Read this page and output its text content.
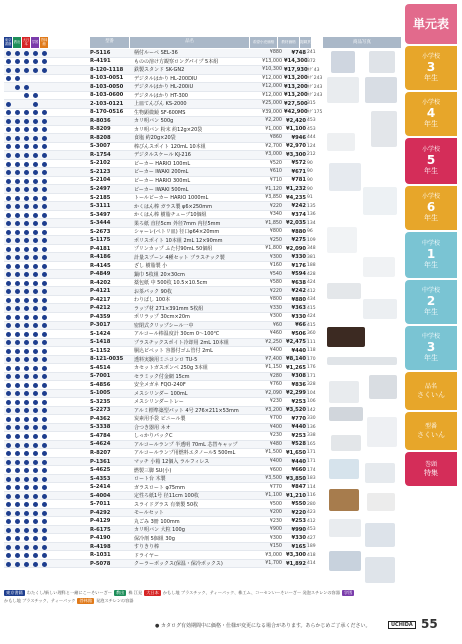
東京書籍 教出 大日本	学図 啓林館	型番	品名	希望小売価格	教材価格	掲載頁
P-5116	柄付ルーペ SEL-36	¥880	¥748 241
R-4191	ものの溶け方観察ロングパイプ 5本組	¥13,000 ¥14,300 372
8-120-1118	鉄製スタンド SK-GN2	¥10,300 ¥17,930 ﾀｸﾞ43
8-103-0051	デジタルはかり HL-200DIU	¥12,000 ¥13,200 ﾀｸﾞ243
8-103-0050	デジタルはかり HL-200iU	¥12,000 ¥13,200 ﾀｸﾞ243
8-103-0600	デジタルはかり HT-300	¥12,000 ¥13,200 ﾀｸﾞ243
2-103-0121	上皿てんびん KS-2000	¥25,000 ¥27,500 315
8-170-0516	生物顕微鏡 SF-600MS	¥39,000 ¥42,900 ﾀｸﾞ175
R-8036	カリ明バン 500g	¥2,200 ¥2,420 453
R-8209	カリ明バン 粉末 約12g×20袋	¥1,000 ¥1,100 453
R-8208	食塩 約20g×20袋	¥860	¥946 444
S-3007	棒びんスポイト 120mL 10本組	¥2,700 ¥2,970 124
R-1754	デジタルスケール KJ-216	¥3,000 ¥3,300 212
S-2102	ビーカー HARIO 100mL	¥520	¥572 90
S-2123	ビーカー IWAKI 200mL	¥610	¥671 90
S-2104	ビーカー HARIO 300mL	¥710	¥781 90
S-2497	ビーカー IWAKI 500mL	¥1,120 ¥1,232 90
S-2185	トールビーカー HARIO 1000mL	¥3,850 ¥4,235 91
S-3111	かくはん棒 ガラス製 φ6×250mm	¥220	¥242 135
S-3497	かくはん棒 樹脂チューブ10個組	¥340	¥374 136
S-3444	果ろ紙 直径5cm 外径7mm 内径5mm	¥1,850 ¥2,035 134
S-2673	シャーレ(ペトリ皿) 径口φ64×20mm	¥800	¥880 96
S-1175	ポリスポイト 10本組 2mL 12×90mm	¥250	¥275 109
P-4181	プリンカップ ふた付90mL 50個組	¥1,800 ¥2,090 348
R-4186	計量スプーン 4種セット プラスチック製	¥300	¥330 381
R-4145	ざし 樹脂製 小	¥160	¥176 188
P-4849	鍋巾 5枚組 20×30cm	¥540	¥594 428
R-4202	薬包紙 中 500枚 10.5×10.5cm	¥580	¥638 424
P-4121	お茶パック 90枚	¥220	¥242 412
P-4217	わりばし 100本	¥800	¥880 434
P-4212	ラップ材 271×391mm 5枚組	¥330	¥363 415
P-4359	ポリラップ 30cm×20m	¥300	¥330 424
P-3017	密閉式クリップシール一中	¥60	¥66 415
S-1424	アルコール棒温度計 30cm 0〜100℃	¥460	¥506 360
S-1418	プラスチックスポイト冷却用 2mL 10本組	¥2,250 ¥2,475 111
S-1152	胴込ピペット 容器付ゴム管付 2mL	¥400	¥440 118
8-121-0035	透料実験用ミニコンロ TU-5	¥7,400 ¥8,140 170
S-4514	カセットガスボンベ 250g 3本組	¥1,150 ¥1,265 176
S-7001	セラミック付金網 15cm	¥280	¥308 171
S-4856	安全メガネ FQO-240F	¥760	¥836 328
S-1005	メスシリンダー 100mL	¥2,090 ¥2,299 104
S-3235	メスシリンダートレー	¥230	¥253 106
S-2273	アルミ標準築型パット 4号 276×211×53mm	¥3,200 ¥3,520 142
P-4362	炭素用手袋 ビニール製	¥700	¥770 330
S-3338	合つき器用 ネオ	¥400	¥440 136
S-4784	しっかりパックC	¥230	¥253 338
S-4624	アルコールランプ 半透明 70mL 芯替キャップ	¥480	¥528 165
R-8207	アルコールランプ用燃料エタノール5 500mL	¥1,500 ¥1,650 171
P-1361	マッチ 小箱 12個入 ラルフィレス	¥400	¥440 171
S-4625	燃製三脚 SU(小)	¥600	¥660 174
S-4353	ロート台 木製	¥3,500 ¥3,850 183
S-2414	ガラスロート φ75mm	¥770	¥847 114
S-4004	定性ろ紙1号 径11cm 100枚	¥1,100 ¥1,210 116
S-7011	スライドグラス 有楽製 50枚	¥500	¥550 280
P-4292	モールセット	¥200	¥220 423
P-4129	丸ごみ 3冊 100mm	¥230	¥253 412
R-6175	カリ明バン 大粒 100g	¥900	¥990 453
P-4190	保冷剤 5個組 30g	¥300	¥330 427
R-4198	すりきり棒	¥150	¥165 189
R-1031	ドライヤー	¥3,000 ¥3,300 418
P-5078	クーラーボックス(保温・保冷ボックス)	¥1,700 ¥1,892 414
商品写真
単元表
小学校
3
年生
小学校
4
年生
小学校
5
年生
小学校
6
年生
中学校
1
年生
中学校
2
年生
中学校
3
年生
品名
さくいん
型番
さくいん
巻頭
特集
東京書籍 わたくし/新しい理科と一緒にこーそいーざー 教出 株 江見 大日本 かもし地 プラスチック、ティーパック、株工ム、コーセンいーそいーざー 発泡スチレンの容器 学図
かもし地 プラスチック、ティーパック 啓林館 発泡スチレンの容器
● カタログ有効期間中に価格・仕様が変更になる場合があります。あらかじめご了承ください。	UCHIDA 55
